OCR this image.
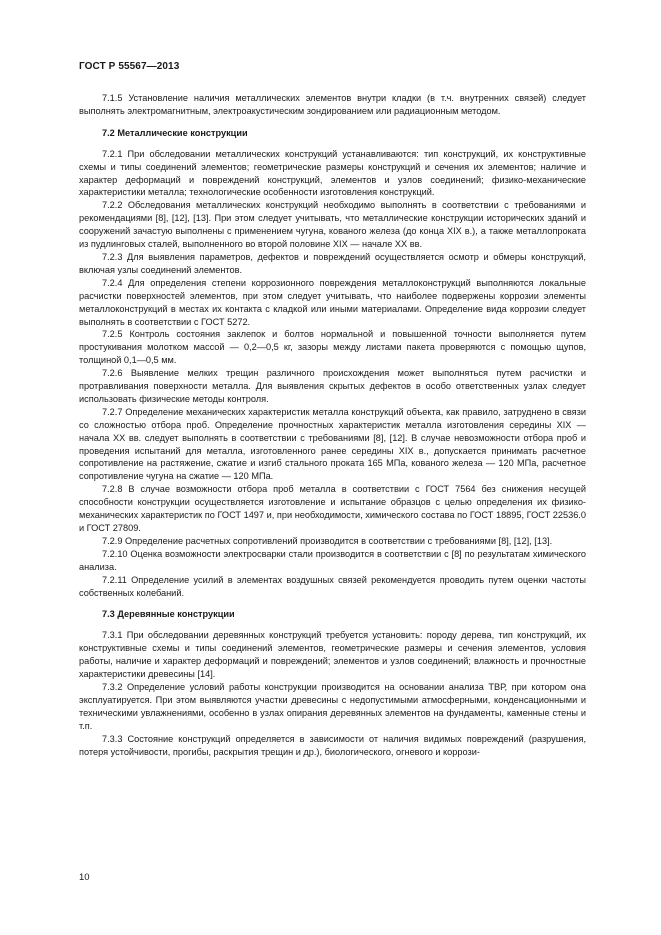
ГОСТ Р 55567—2013

7.1.5 Установление наличия металлических элементов внутри кладки (в т.ч. внутренних связей) следует выполнять электромагнитным, электроакустическим зондированием или радиационным методом.

7.2 Металлические конструкции

7.2.1 При обследовании металлических конструкций устанавливаются: тип конструкций, их конструктивные схемы и типы соединений элементов; геометрические размеры конструкций и сечения их элементов; наличие и характер деформаций и повреждений конструкций, элементов и узлов соединений; физико-механические характеристики металла; технологические особенности изготовления конструкций.

7.2.2 Обследования металлических конструкций необходимо выполнять в соответствии с требованиями и рекомендациями [8], [12], [13]. При этом следует учитывать, что металлические конструкции исторических зданий и сооружений зачастую выполнены с применением чугуна, кованого железа (до конца XIX в.), а также металлопроката из пудлинговых сталей, выполненного во второй половине XIX — начале XX вв.

7.2.3 Для выявления параметров, дефектов и повреждений осуществляется осмотр и обмеры конструкций, включая узлы соединений элементов.

7.2.4 Для определения степени коррозионного повреждения металлоконструкций выполняются локальные расчистки поверхностей элементов, при этом следует учитывать, что наиболее подвержены коррозии элементы металлоконструкций в местах их контакта с кладкой или иными материалами. Определение вида коррозии следует выполнять в соответствии с ГОСТ 5272.

7.2.5 Контроль состояния заклепок и болтов нормальной и повышенной точности выполняется путем простукивания молотком массой — 0,2—0,5 кг, зазоры между листами пакета проверяются с помощью щупов, толщиной 0,1—0,5 мм.

7.2.6 Выявление мелких трещин различного происхождения может выполняться путем расчистки и протравливания поверхности металла. Для выявления скрытых дефектов в особо ответственных узлах следует использовать физические методы контроля.

7.2.7 Определение механических характеристик металла конструкций объекта, как правило, затруднено в связи со сложностью отбора проб. Определение прочностных характеристик металла изготовления середины XIX — начала XX вв. следует выполнять в соответствии с требованиями [8], [12]. В случае невозможности отбора проб и проведения испытаний для металла, изготовленного ранее середины XIX в., допускается принимать расчетное сопротивление на растяжение, сжатие и изгиб стального проката 165 МПа, кованого железа — 120 МПа, расчетное сопротивление чугуна на сжатие — 120 МПа.

7.2.8 В случае возможности отбора проб металла в соответствии с ГОСТ 7564 без снижения несущей способности конструкции осуществляется изготовление и испытание образцов с целью определения их физико-механических характеристик по ГОСТ 1497 и, при необходимости, химического состава по ГОСТ 18895, ГОСТ 22536.0 и ГОСТ 27809.

7.2.9 Определение расчетных сопротивлений производится в соответствии с требованиями [8], [12], [13].

7.2.10 Оценка возможности электросварки стали производится в соответствии с [8] по результатам химического анализа.

7.2.11 Определение усилий в элементах воздушных связей рекомендуется проводить путем оценки частоты собственных колебаний.

7.3 Деревянные конструкции

7.3.1 При обследовании деревянных конструкций требуется установить: породу дерева, тип конструкций, их конструктивные схемы и типы соединений элементов, геометрические размеры и сечения элементов, условия работы, наличие и характер деформаций и повреждений; элементов и узлов соединений; влажность и прочностные характеристики древесины [14].

7.3.2 Определение условий работы конструкции производится на основании анализа ТВР, при котором она эксплуатируется. При этом выявляются участки древесины с недопустимыми атмосферными, конденсационными и техническими увлажнениями, особенно в узлах опирания деревянных элементов на фундаменты, каменные стены и т.п.

7.3.3 Состояние конструкций определяется в зависимости от наличия видимых повреждений (разрушения, потеря устойчивости, прогибы, раскрытия трещин и др.), биологического, огневого и коррози-

10
